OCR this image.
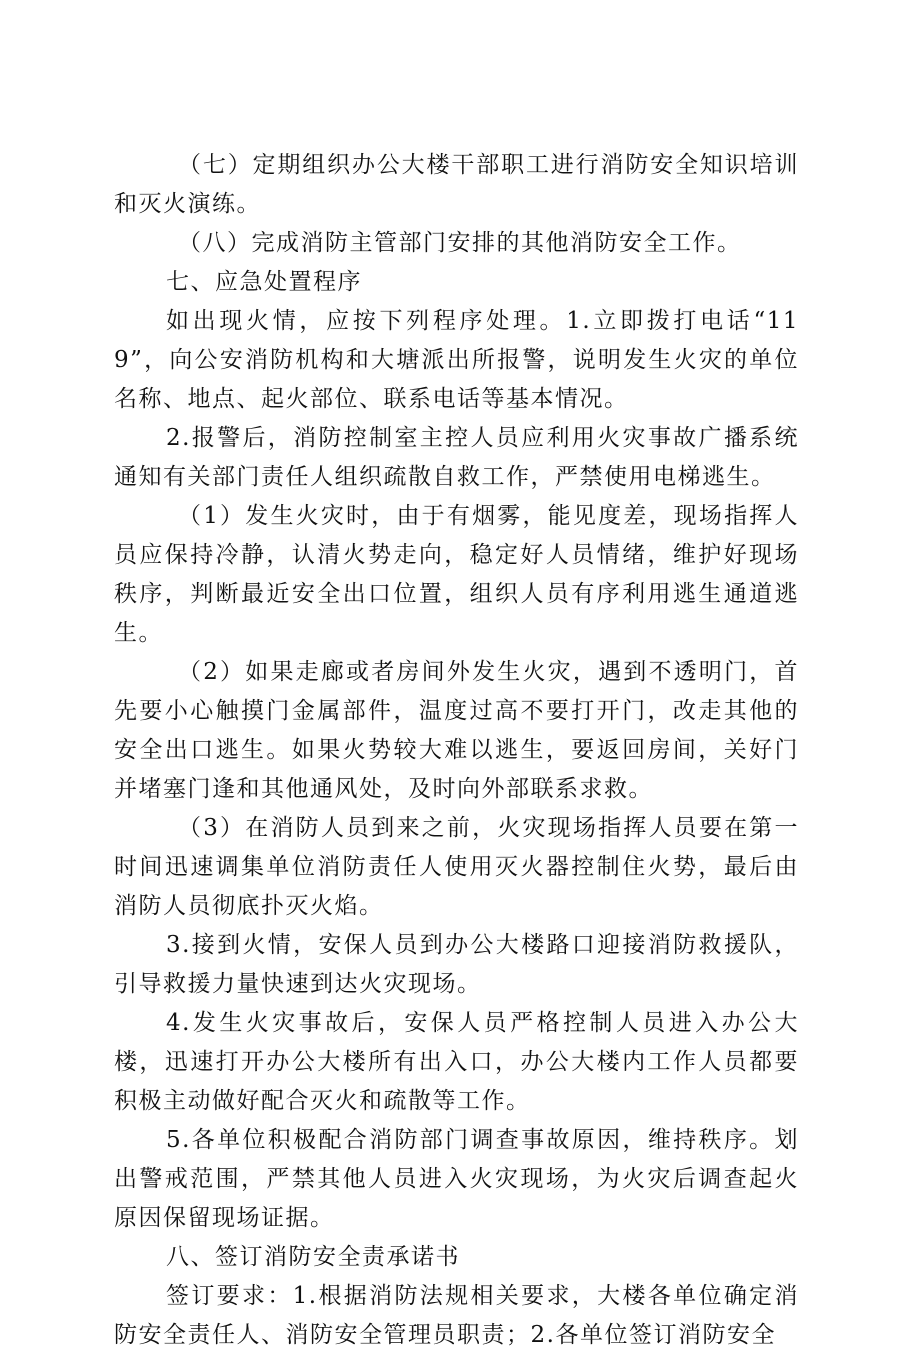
（七）定期组织办公大楼干部职工进行消防安全知识培训和灭火演练。

（八）完成消防主管部门安排的其他消防安全工作。

七、应急处置程序

如出现火情，应按下列程序处理。1.立即拨打电话“119”，向公安消防机构和大塘派出所报警，说明发生火灾的单位名称、地点、起火部位、联系电话等基本情况。

2.报警后，消防控制室主控人员应利用火灾事故广播系统通知有关部门责任人组织疏散自救工作，严禁使用电梯逃生。

（1）发生火灾时，由于有烟雾，能见度差，现场指挥人员应保持冷静，认清火势走向，稳定好人员情绪，维护好现场秩序，判断最近安全出口位置，组织人员有序利用逃生通道逃生。

（2）如果走廊或者房间外发生火灾，遇到不透明门，首先要小心触摸门金属部件，温度过高不要打开门，改走其他的安全出口逃生。如果火势较大难以逃生，要返回房间，关好门并堵塞门逢和其他通风处，及时向外部联系求救。

（3）在消防人员到来之前，火灾现场指挥人员要在第一时间迅速调集单位消防责任人使用灭火器控制住火势，最后由消防人员彻底扑灭火焰。

3.接到火情，安保人员到办公大楼路口迎接消防救援队，引导救援力量快速到达火灾现场。

4.发生火灾事故后，安保人员严格控制人员进入办公大楼，迅速打开办公大楼所有出入口，办公大楼内工作人员都要积极主动做好配合灭火和疏散等工作。

5.各单位积极配合消防部门调查事故原因，维持秩序。划出警戒范围，严禁其他人员进入火灾现场，为火灾后调查起火原因保留现场证据。

八、签订消防安全责承诺书

签订要求：1.根据消防法规相关要求，大楼各单位确定消防安全责任人、消防安全管理员职责；2.各单位签订消防安全
